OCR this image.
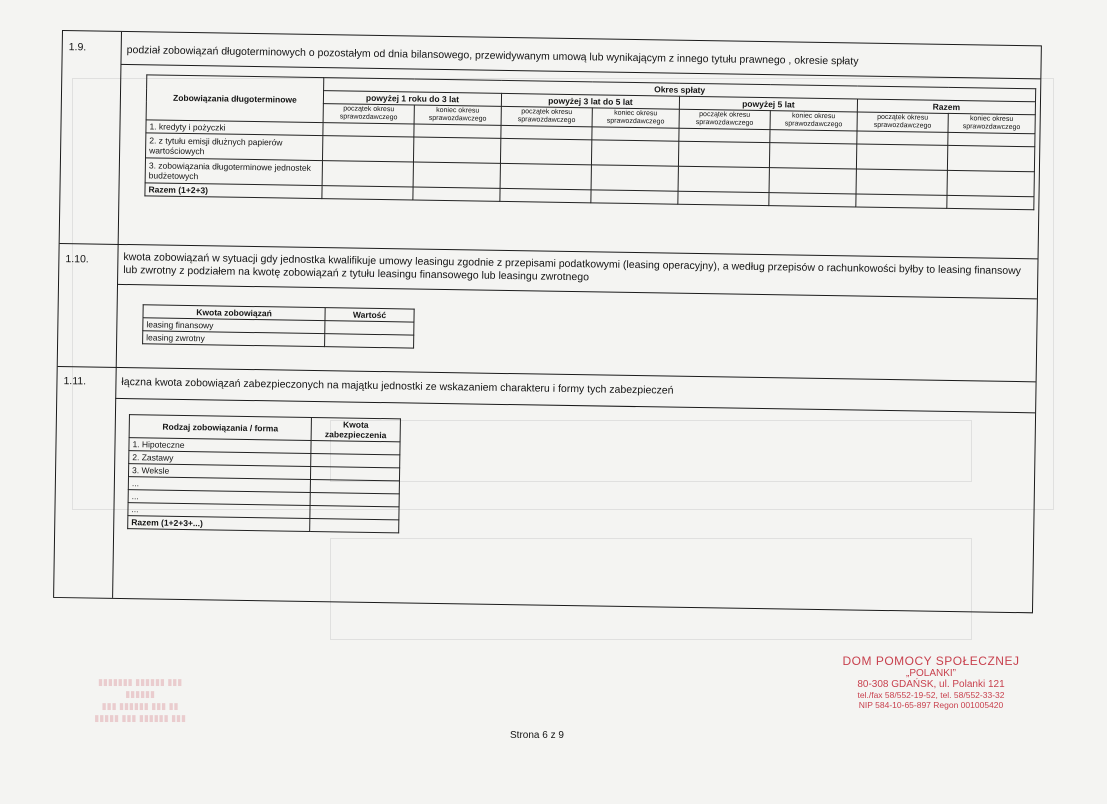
1.9.	podział zobowiązań długoterminowych o pozostałym od dnia bilansowego, przewidywanym umową lub wynikającym z innego tytułu prawnego , okresie spłaty
Zobowiązania długoterminowe	Okres spłaty							
	powyżej 1 roku do 3 lat		powyżej 3 lat do 5 lat		powyżej 5 lat		Razem	
	początek okresu sprawozdawczego	koniec okresu sprawozdawczego	początek okresu sprawozdawczego	koniec okresu sprawozdawczego	początek okresu sprawozdawczego	koniec okresu sprawozdawczego	początek okresu sprawozdawczego	koniec okresu sprawozdawczego
1. kredyty i pożyczki								
2. z tytułu emisji dłużnych papierów wartościowych								
3. zobowiązania długoterminowe jednostek budżetowych								
Razem (1+2+3)								
1.10.	kwota zobowiązań w sytuacji gdy jednostka kwalifikuje umowy leasingu zgodnie z przepisami podatkowymi (leasing operacyjny), a według przepisów o rachunkowości byłby to leasing finansowy lub zwrotny z podziałem na kwotę zobowiązań z tytułu leasingu finansowego lub leasingu zwrotnego
Kwota zobowiązań	Wartość
leasing finansowy	
leasing zwrotny	
1.11.	łączna kwota zobowiązań zabezpieczonych na majątku jednostki ze wskazaniem charakteru i formy tych zabezpieczeń
Rodzaj zobowiązania / forma	Kwota zabezpieczenia
1. Hipoteczne	
2. Zastawy	
3. Weksle	
...	
...	
...	
Razem (1+2+3+...)	
▮▮▮ ▮▮▮▮▮▮ ▮▮▮▮▮▮▮
▮▮▮▮▮▮
▮▮ ▮▮▮ ▮▮▮▮▮▮ ▮▮▮
▮▮▮ ▮▮▮▮▮▮ ▮▮▮ ▮▮▮▮▮
DOM POMOCY SPOŁECZNEJ
„POLANKI”
80-308 GDAŃSK, ul. Polanki 121
tel./fax 58/552-19-52, tel. 58/552-33-32
NIP 584-10-65-897 Regon 001005420
Strona 6 z 9
